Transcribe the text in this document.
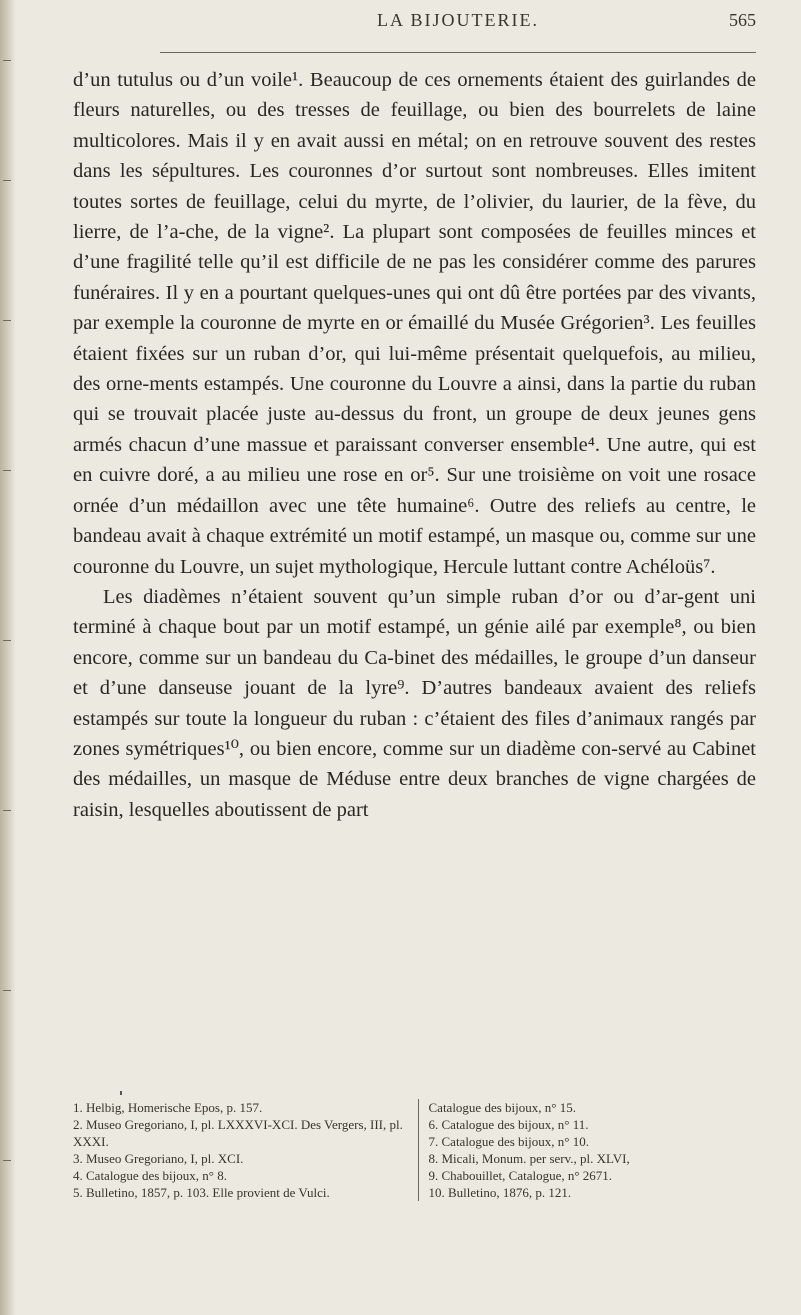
LA BIJOUTERIE.	565

d’un tutulus ou d’un voile¹. Beaucoup de ces ornements étaient des guirlandes de fleurs naturelles, ou des tresses de feuillage, ou bien des bourrelets de laine multicolores. Mais il y en avait aussi en métal; on en retrouve souvent des restes dans les sépultures. Les couronnes d’or surtout sont nombreuses. Elles imitent toutes sortes de feuillage, celui du myrte, de l’olivier, du laurier, de la fève, du lierre, de l’a-che, de la vigne². La plupart sont composées de feuilles minces et d’une fragilité telle qu’il est difficile de ne pas les considérer comme des parures funéraires. Il y en a pourtant quelques-unes qui ont dû être portées par des vivants, par exemple la couronne de myrte en or émaillé du Musée Grégorien³. Les feuilles étaient fixées sur un ruban d’or, qui lui-même présentait quelquefois, au milieu, des orne-ments estampés. Une couronne du Louvre a ainsi, dans la partie du ruban qui se trouvait placée juste au-dessus du front, un groupe de deux jeunes gens armés chacun d’une massue et paraissant converser ensemble⁴. Une autre, qui est en cuivre doré, a au milieu une rose en or⁵. Sur une troisième on voit une rosace ornée d’un médaillon avec une tête humaine⁶. Outre des reliefs au centre, le bandeau avait à chaque extrémité un motif estampé, un masque ou, comme sur une couronne du Louvre, un sujet mythologique, Hercule luttant contre Achéloüs⁷.

Les diadèmes n’étaient souvent qu’un simple ruban d’or ou d’ar-gent uni terminé à chaque bout par un motif estampé, un génie ailé par exemple⁸, ou bien encore, comme sur un bandeau du Ca-binet des médailles, le groupe d’un danseur et d’une danseuse jouant de la lyre⁹. D’autres bandeaux avaient des reliefs estampés sur toute la longueur du ruban : c’étaient des files d’animaux rangés par zones symétriques¹⁰, ou bien encore, comme sur un diadème con-servé au Cabinet des médailles, un masque de Méduse entre deux branches de vigne chargées de raisin, lesquelles aboutissent de part

1. Helbig, Homerische Epos, p. 157.

2. Museo Gregoriano, I, pl. LXXXVI-XCI. Des Vergers, III, pl. XXXI.

3. Museo Gregoriano, I, pl. XCI.

4. Catalogue des bijoux, n° 8.

5. Bulletino, 1857, p. 103. Elle provient de Vulci.

Catalogue des bijoux, n° 15.

6. Catalogue des bijoux, n° 11.

7. Catalogue des bijoux, n° 10.

8. Micali, Monum. per serv., pl. XLVI,

9. Chabouillet, Catalogue, n° 2671.

10. Bulletino, 1876, p. 121.
